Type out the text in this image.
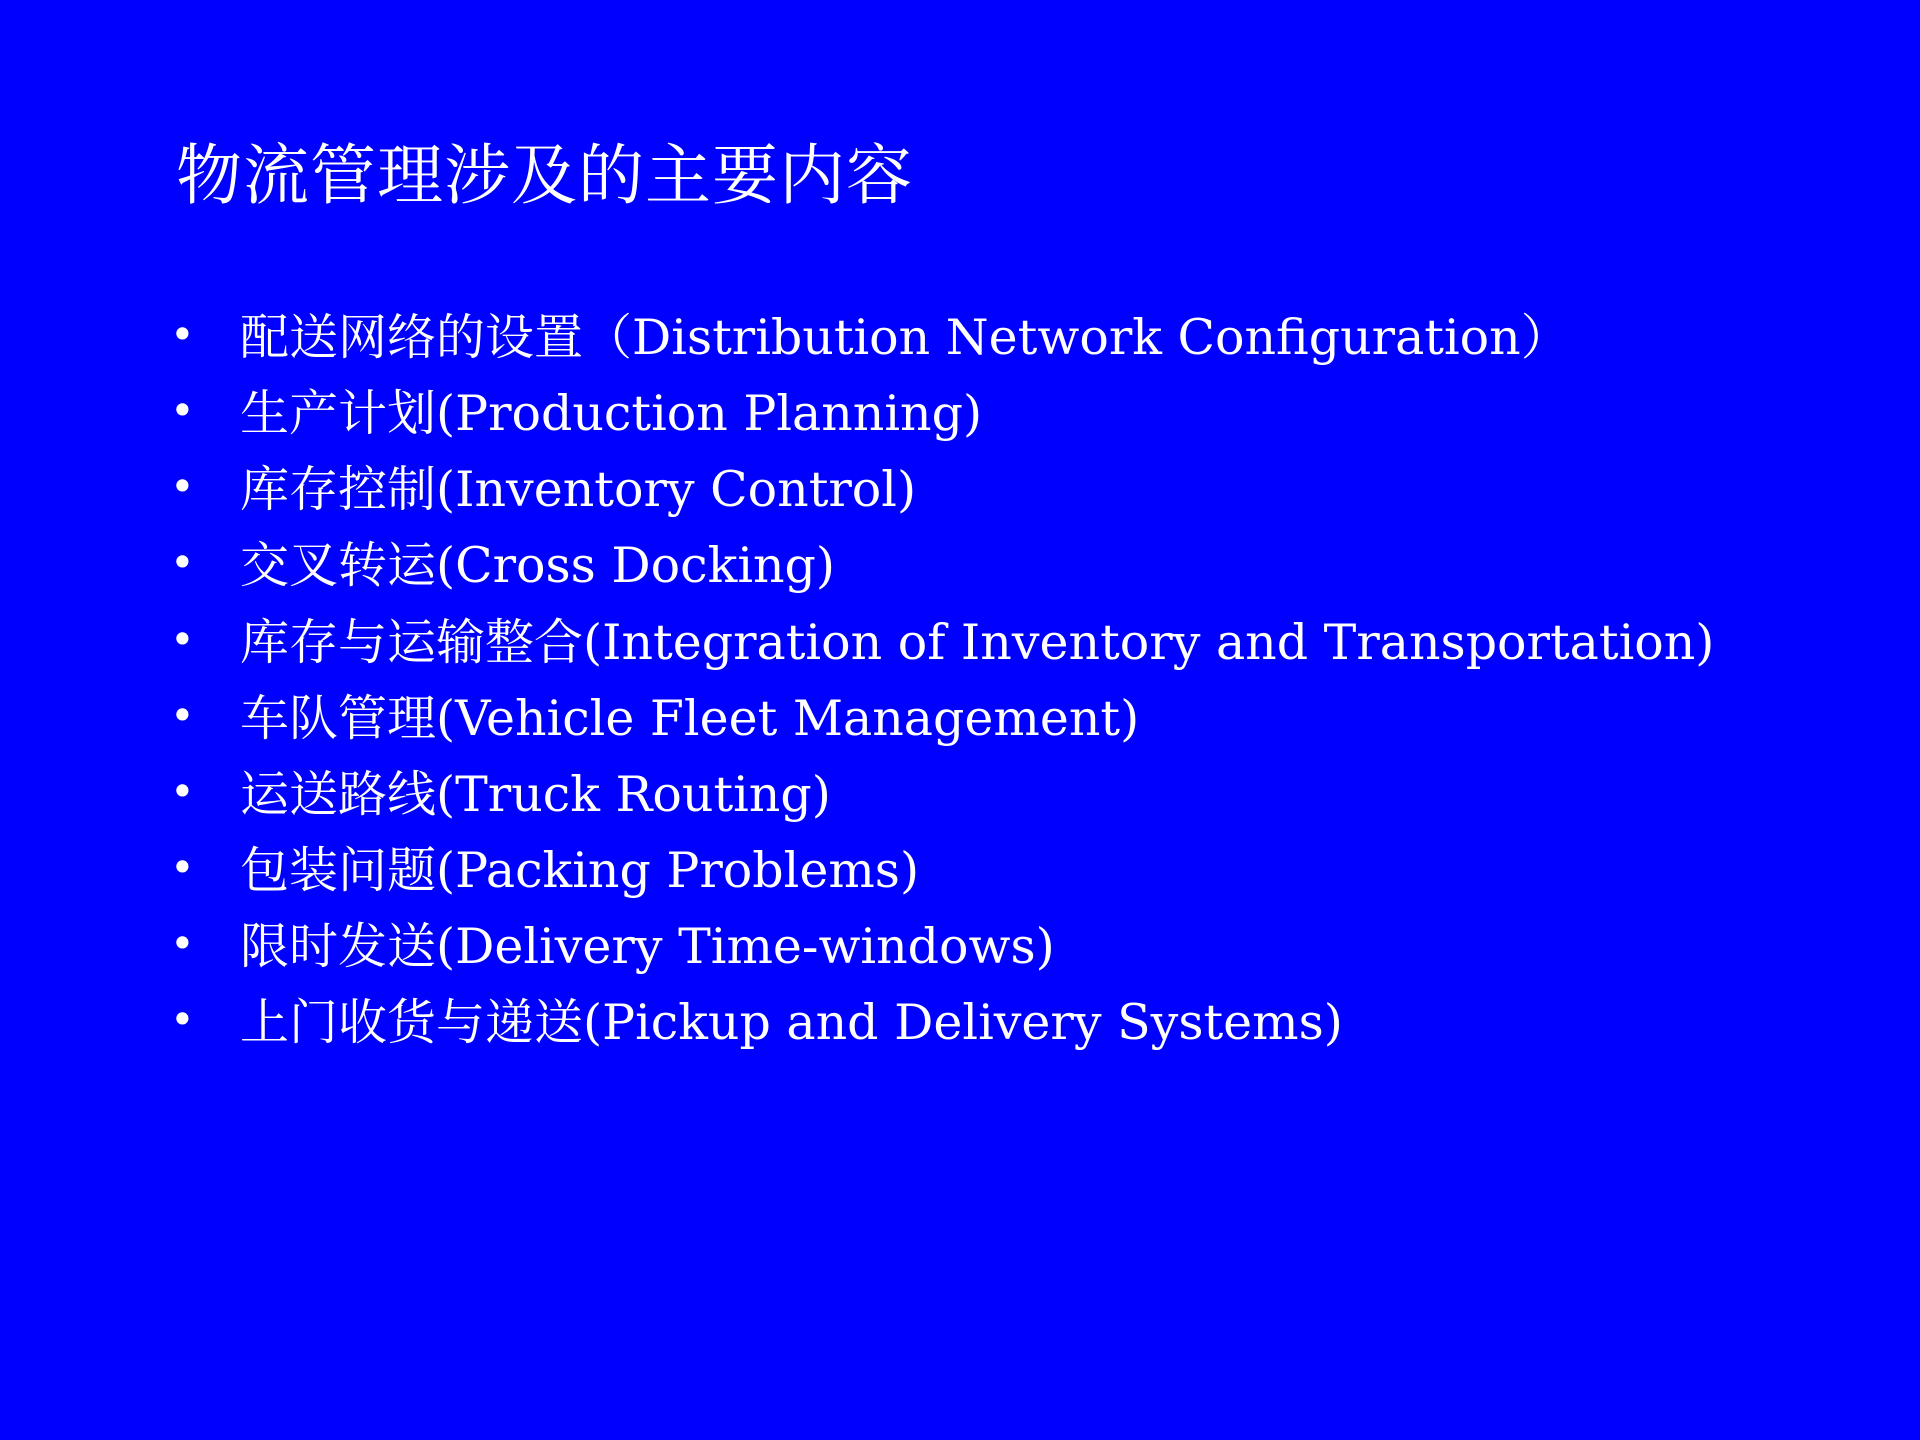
物流管理涉及的主要内容
• 配送网络的设置（Distribution Network Configuration）
• 生产计划(Production Planning)
• 库存控制(Inventory Control)
• 交叉转运(Cross Docking)
• 库存与运输整合(Integration of Inventory and Transportation)
• 车队管理(Vehicle Fleet Management)
• 运送路线(Truck Routing)
• 包装问题(Packing Problems)
• 限时发送(Delivery Time-windows)
• 上门收货与递送(Pickup and Delivery Systems)
